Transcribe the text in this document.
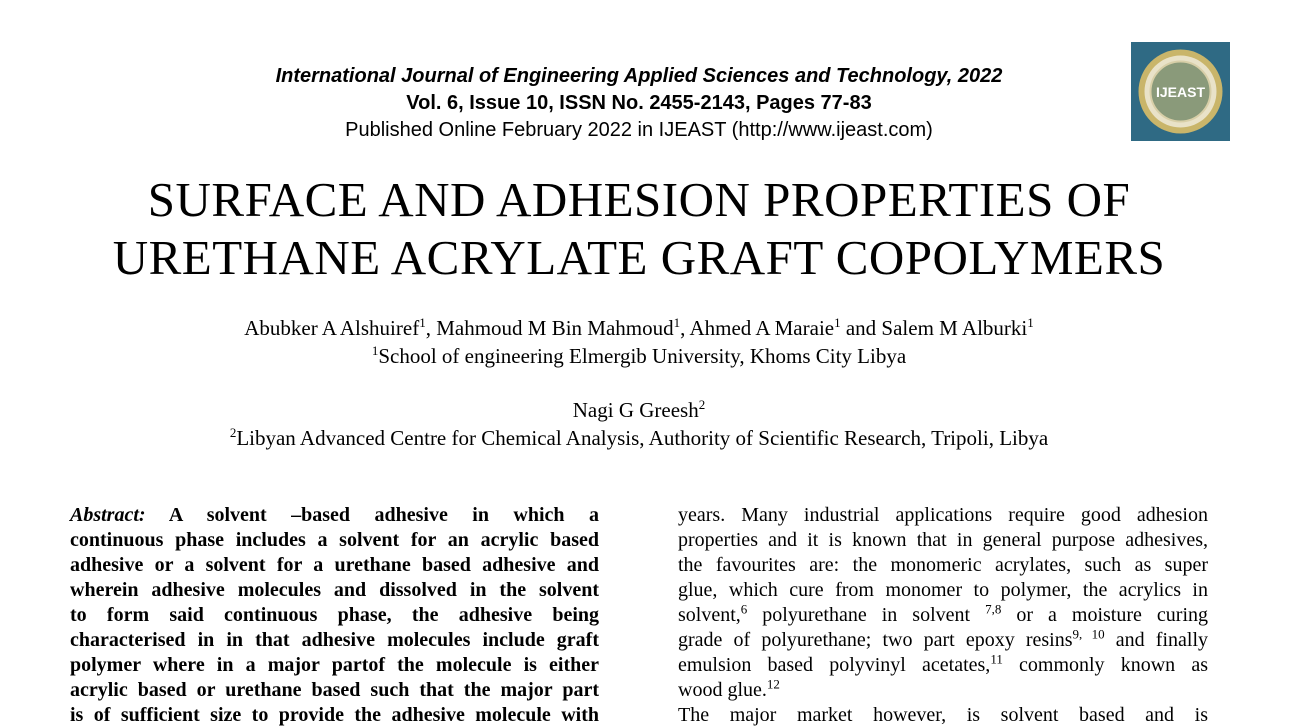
International Journal of Engineering Applied Sciences and Technology, 2022
Vol. 6, Issue 10, ISSN No. 2455-2143, Pages 77-83
Published Online February 2022 in IJEAST (http://www.ijeast.com)
IJEAST
SURFACE AND ADHESION PROPERTIES OF
URETHANE ACRYLATE GRAFT COPOLYMERS
Abubker A Alshuiref$^1$, Mahmoud M Bin Mahmoud$^1$, Ahmed A Maraie$^1$ and Salem M Alburki$^1$
$^1$School of engineering Elmergib University, Khoms City Libya
Nagi G Greesh$^2$
$^2$Libyan Advanced Centre for Chemical Analysis, Authority of Scientific Research, Tripoli, Libya
Abstract: A solvent –based adhesive in which a
continuous phase includes a solvent for an acrylic based
adhesive or a solvent for a urethane based adhesive and
wherein adhesive molecules and dissolved in the solvent
to form said continuous phase, the adhesive being
characterised in in that adhesive molecules include graft
polymer where in a major partof the molecule is either
acrylic based or urethane based such that the major part
is of sufficient size to provide the adhesive molecule with
years. Many industrial applications require good adhesion
properties and it is known that in general purpose adhesives,
the favourites are: the monomeric acrylates, such as super
glue, which cure from monomer to polymer, the acrylics in
solvent,$^6$ polyurethane in solvent $^{7,8}$ or a moisture curing
grade of polyurethane; two part epoxy resins$^{9, 10}$ and finally
emulsion based polyvinyl acetates,$^{11}$ commonly known as
wood glue.$^{12}$
The major market however, is solvent based and is
